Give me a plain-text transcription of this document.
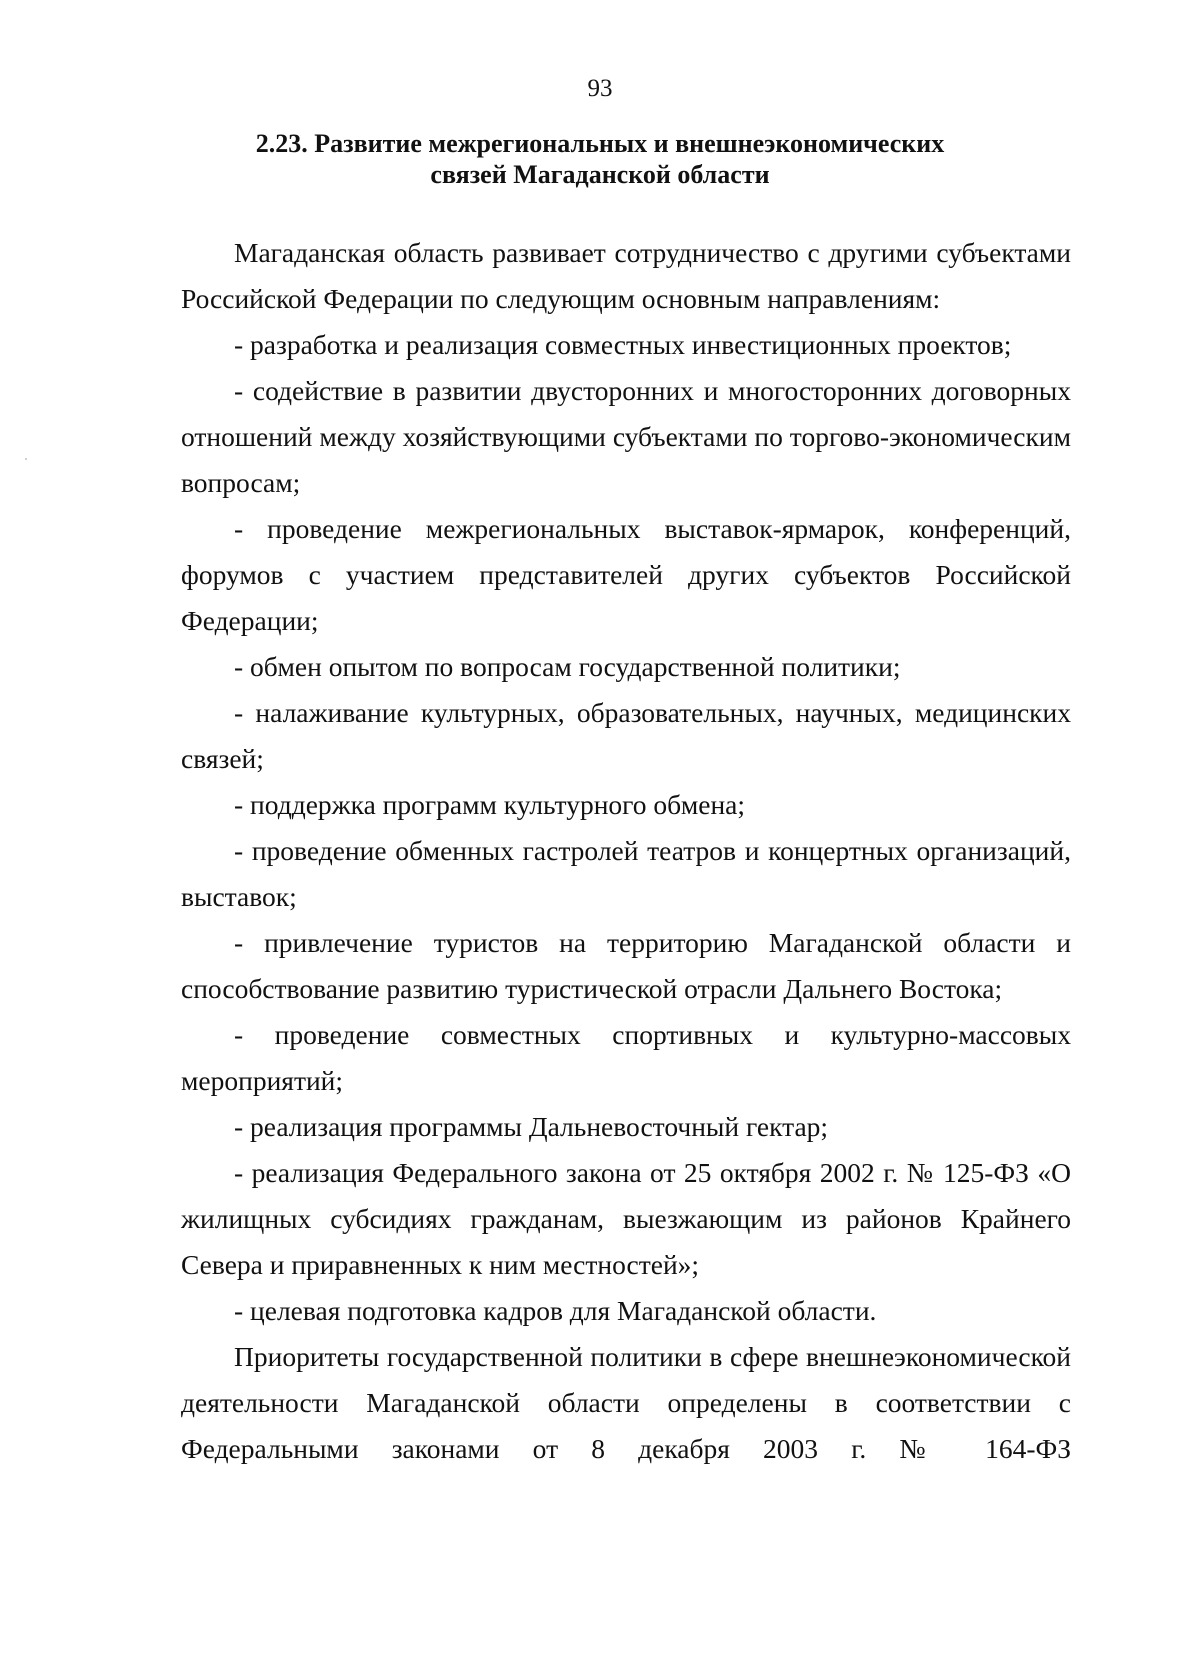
93
2.23. Развитие межрегиональных и внешнеэкономических
связей Магаданской области

Магаданская область развивает сотрудничество с другими субъектами Российской Федерации по следующим основным направлениям:

- разработка и реализация совместных инвестиционных проектов;

- содействие в развитии двусторонних и многосторонних договорных отношений между хозяйствующими субъектами по торгово-экономическим вопросам;

- проведение межрегиональных выставок-ярмарок, конференций, форумов с участием представителей других субъектов Российской Федерации;

- обмен опытом по вопросам государственной политики;

- налаживание культурных, образовательных, научных, медицинских связей;

- поддержка программ культурного обмена;

- проведение обменных гастролей театров и концертных организаций, выставок;

- привлечение туристов на территорию Магаданской области и способствование развитию туристической отрасли Дальнего Востока;

- проведение совместных спортивных и культурно-массовых мероприятий;

- реализация программы Дальневосточный гектар;

- реализация Федерального закона от 25 октября 2002 г. № 125-ФЗ «О жилищных субсидиях гражданам, выезжающим из районов Крайнего Севера и приравненных к ним местностей»;

- целевая подготовка кадров для Магаданской области.

Приоритеты государственной политики в сфере внешнеэкономической деятельности Магаданской области определены в соответствии с Федеральными законами от 8 декабря 2003 г. № 164-ФЗ
